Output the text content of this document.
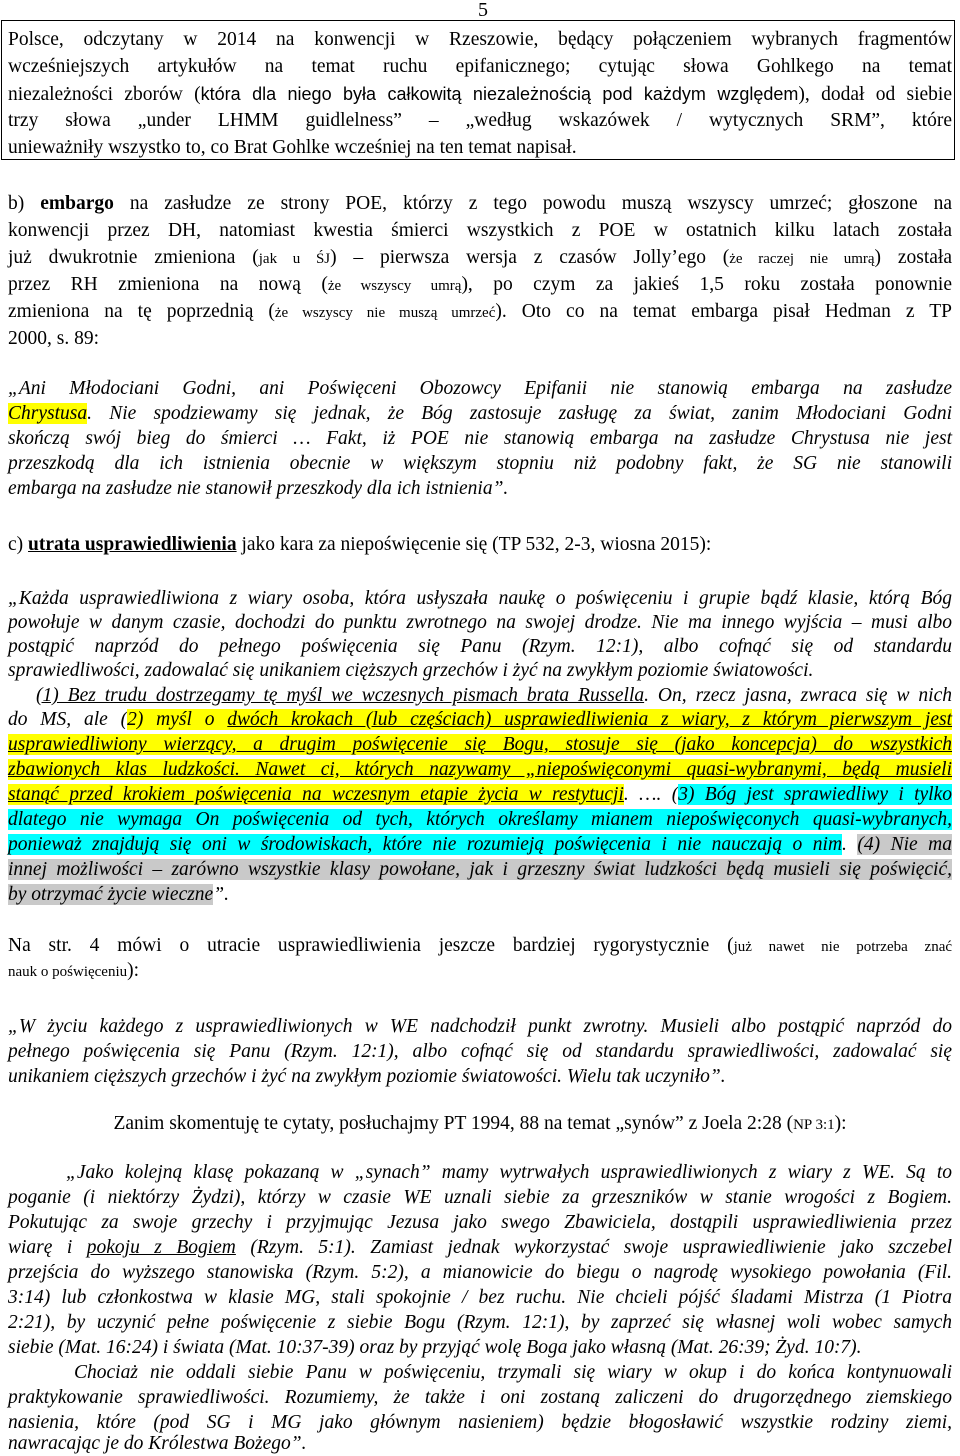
5
Polsce, odczytany w 2014 na konwencji w Rzeszowie, będący połączeniem wybranych fragmentów
wcześniejszych artykułów na temat ruchu epifanicznego; cytując słowa Gohlkego na temat
niezależności zborów (która dla niego była całkowitą niezależnością pod każdym względem), dodał od siebie
trzy słowa „under LHMM guidlelness” – „według wskazówek / wytycznych SRM”, które
unieważniły wszystko to, co Brat Gohlke wcześniej na ten temat napisał.
b) embargo na zasłudze ze strony POE, którzy z tego powodu muszą wszyscy umrzeć; głoszone na
konwencji przez DH, natomiast kwestia śmierci wszystkich z POE w ostatnich kilku latach została
już dwukrotnie zmieniona (jak u ŚJ) – pierwsza wersja z czasów Jolly’ego (że raczej nie umrą) została
przez RH zmieniona na nową (że wszyscy umrą), po czym za jakieś 1,5 roku została ponownie
zmieniona na tę poprzednią (że wszyscy nie muszą umrzeć). Oto co na temat embarga pisał Hedman z TP
2000, s. 89:
„Ani Młodociani Godni, ani Poświęceni Obozowcy Epifanii nie stanowią embarga na zasłudze
Chrystusa. Nie spodziewamy się jednak, że Bóg zastosuje zasługę za świat, zanim Młodociani Godni
skończą swój bieg do śmierci … Fakt, iż POE nie stanowią embarga na zasłudze Chrystusa nie jest
przeszkodą dla ich istnienia obecnie w większym stopniu niż podobny fakt, że SG nie stanowili
embarga na zasłudze nie stanowił przeszkody dla ich istnienia”.
c) utrata usprawiedliwienia jako kara za niepoświęcenie się (TP 532, 2-3, wiosna 2015):
„Każda usprawiedliwiona z wiary osoba, która usłyszała naukę o poświęceniu i grupie bądź klasie, którą Bóg
powołuje w danym czasie, dochodzi do punktu zwrotnego na swojej drodze. Nie ma innego wyjścia – musi albo
postąpić naprzód do pełnego poświęcenia się Panu (Rzym. 12:1), albo cofnąć się od standardu
sprawiedliwości, zadowalać się unikaniem cięższych grzechów i żyć na zwykłym poziomie światowości.
(1) Bez trudu dostrzegamy tę myśl we wczesnych pismach brata Russella. On, rzecz jasna, zwraca się w nich
do MS, ale (2) myśl o dwóch krokach (lub częściach) usprawiedliwienia z wiary, z którym pierwszym jest
usprawiedliwiony wierzący, a drugim poświęcenie się Bogu, stosuje się (jako koncepcja) do wszystkich
zbawionych klas ludzkości. Nawet ci, których nazywamy „niepoświęconymi quasi-wybranymi, będą musieli
stanąć przed krokiem poświęcenia na wczesnym etapie życia w restytucji. …. (3) Bóg jest sprawiedliwy i tylko
dlatego nie wymaga On poświęcenia od tych, których określamy mianem niepoświęconych quasi-wybranych,
ponieważ znajdują się oni w środowiskach, które nie rozumieją poświęcenia i nie nauczają o nim. (4) Nie ma
innej możliwości – zarówno wszystkie klasy powołane, jak i grzeszny świat ludzkości będą musieli się poświęcić,
by otrzymać życie wieczne”.
Na str. 4 mówi o utracie usprawiedliwienia jeszcze bardziej rygorystycznie (już nawet nie potrzeba znać
nauk o poświęceniu):
„W życiu każdego z usprawiedliwionych w WE nadchodził punkt zwrotny. Musieli albo postąpić naprzód do
pełnego poświęcenia się Panu (Rzym. 12:1), albo cofnąć się od standardu sprawiedliwości, zadowalać się
unikaniem cięższych grzechów i żyć na zwykłym poziomie światowości. Wielu tak uczyniło”.
Zanim skomentuję te cytaty, posłuchajmy PT 1994, 88 na temat „synów” z Joela 2:28 (NP 3:1):
„Jako kolejną klasę pokazaną w „synach” mamy wytrwałych usprawiedliwionych z wiary z WE. Są to
poganie (i niektórzy Żydzi), którzy w czasie WE uznali siebie za grzeszników w stanie wrogości z Bogiem.
Pokutując za swoje grzechy i przyjmując Jezusa jako swego Zbawiciela, dostąpili usprawiedliwienia przez
wiarę i pokoju z Bogiem (Rzym. 5:1). Zamiast jednak wykorzystać swoje usprawiedliwienie jako szczebel
przejścia do wyższego stanowiska (Rzym. 5:2), a mianowicie do biegu o nagrodę wysokiego powołania (Fil.
3:14) lub członkostwa w klasie MG, stali spokojnie / bez ruchu. Nie chcieli pójść śladami Mistrza (1 Piotra
2:21), by uczynić pełne poświęcenie z siebie Bogu (Rzym. 12:1), by zaprzeć się własnej woli wobec samych
siebie (Mat. 16:24) i świata (Mat. 10:37-39) oraz by przyjąć wolę Boga jako własną (Mat. 26:39; Żyd. 10:7).
Chociaż nie oddali siebie Panu w poświęceniu, trzymali się wiary w okup i do końca kontynuowali
praktykowanie sprawiedliwości. Rozumiemy, że także i oni zostaną zaliczeni do drugorzędnego ziemskiego
nasienia, które (pod SG i MG jako głównym nasieniem) będzie błogosławić wszystkie rodziny ziemi,
nawracając je do Królestwa Bożego”.
